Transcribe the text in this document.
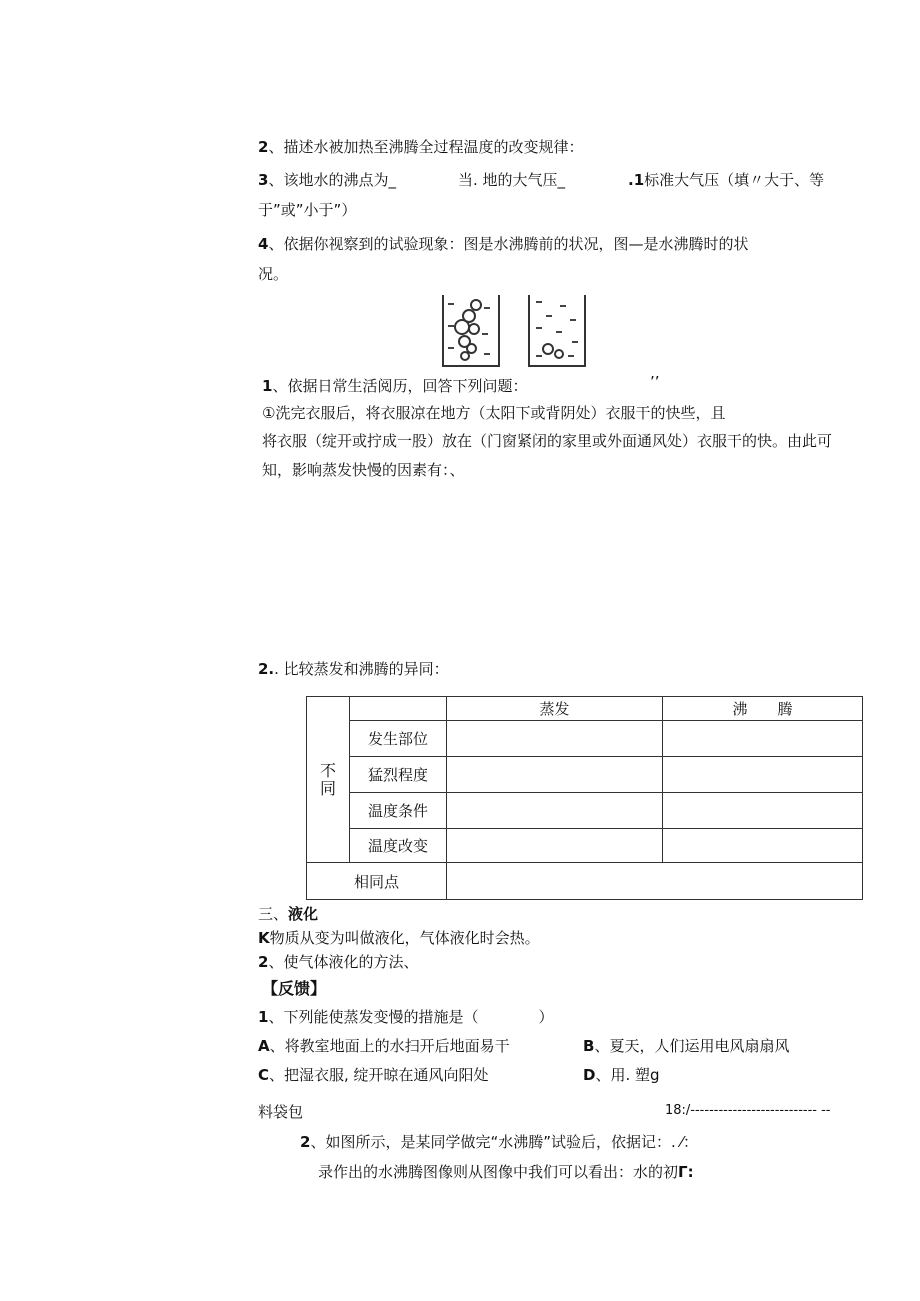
2、描述水被加热至沸腾全过程温度的改变规律：
3、该地水的沸点为_	当. 地的大气压_	.1标准大气压（填〃大于、等
于”或”小于”）
4、依据你视察到的试验现象：图是水沸腾前的状况，图—是水沸腾时的状
况。
1、依据日常生活阅历，回答下列问题：	’’
①洗完衣服后，将衣服凉在地方（太阳下或背阴处）衣服干的快些，且
将衣服（绽开或拧成一股）放在（门窗紧闭的家里或外面通风处）衣服干的快。由此可
知，影响蒸发快慢的因素有：、
2.. 比较蒸发和沸腾的异同：
不同		蒸发	沸　　腾
	发生部位		
	猛烈程度		
	温度条件		
	温度改变		
相同点			
三、液化
K物质从变为叫做液化，气体液化时会热。
2、使气体液化的方法、
【反馈】
1、下列能使蒸发变慢的措施是（　　　　）
A、将教室地面上的水扫开后地面易干	B、夏天，人们运用电风扇扇风
C、把湿衣服, 绽开晾在通风向阳处	D、用. 塑g
料袋包	18:/--------------------------- --
2、如图所示，是某同学做完“水沸腾”试验后，依据记：. ⁄：
录作出的水沸腾图像则从图像中我们可以看出：水的初Γ:
